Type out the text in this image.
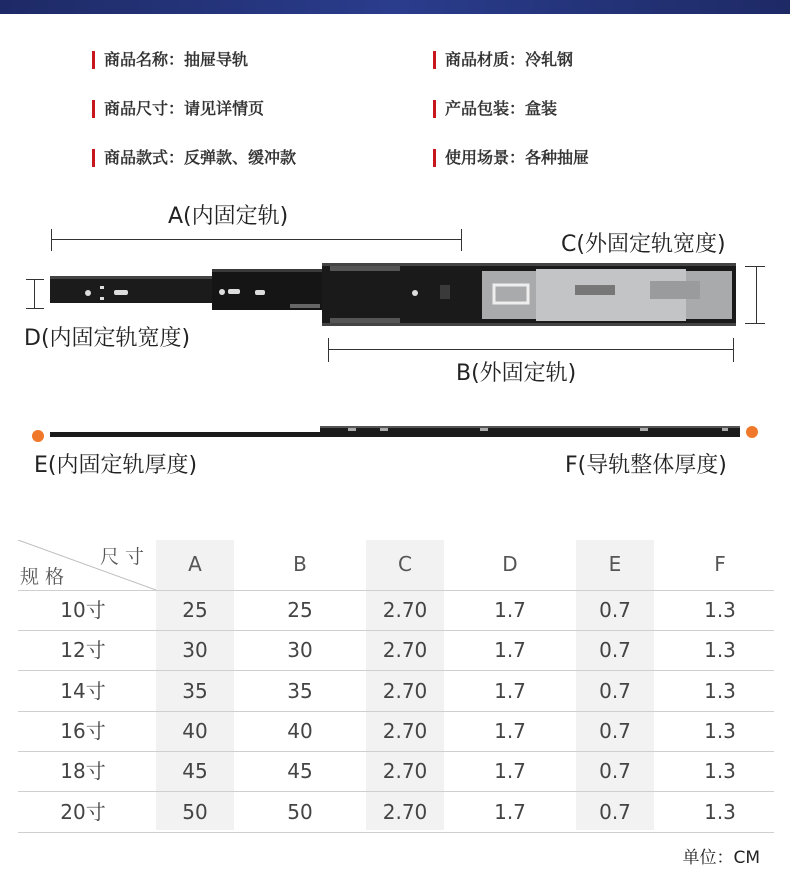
商品名称：抽屉导轨	商品材质：冷轧钢
商品尺寸：请见详情页	产品包装：盒装
商品款式：反弹款、缓冲款	使用场景：各种抽屉
A(内固定轨)
C(外固定轨宽度)
D(内固定轨宽度)
B(外固定轨)
E(内固定轨厚度)	F(导轨整体厚度)
尺 寸
规 格
A	B	C	D	E	F
10寸	25	25	2.70	1.7	0.7	1.3
12寸	30	30	2.70	1.7	0.7	1.3
14寸	35	35	2.70	1.7	0.7	1.3
16寸	40	40	2.70	1.7	0.7	1.3
18寸	45	45	2.70	1.7	0.7	1.3
20寸	50	50	2.70	1.7	0.7	1.3
单位：CM
